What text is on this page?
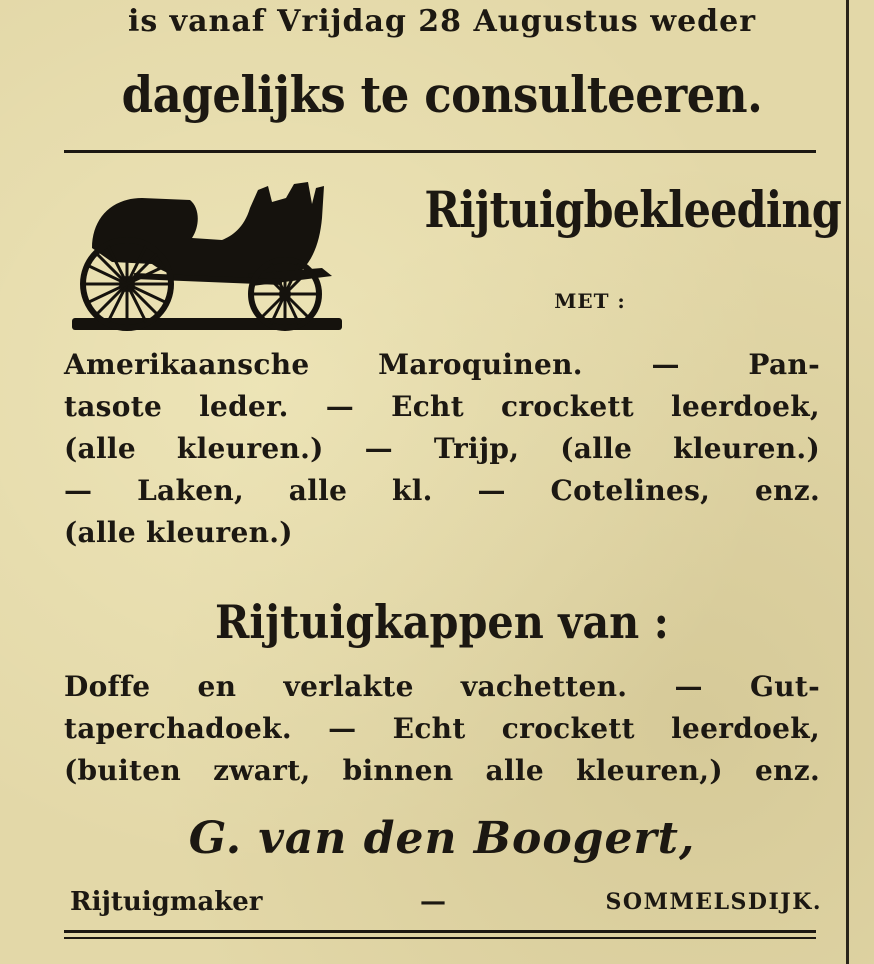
is vanaf Vrijdag 28 Augustus weder
dagelijks te consulteeren.
Rijtuigbekleeding
MET :
Amerikaansche Maroquinen. — Pan-
tasote leder. — Echt crockett leerdoek,
(alle kleuren.) — Trijp, (alle kleuren.)
— Laken, alle kl. — Cotelines, enz.
(alle kleuren.)
Rijtuigkappen van :
Doffe en verlakte vachetten. — Gut-
taperchadoek. — Echt crockett leerdoek,
(buiten zwart, binnen alle kleuren,) enz.
G. van den Boogert,
Rijtuigmaker	—	SOMMELSDIJK.
